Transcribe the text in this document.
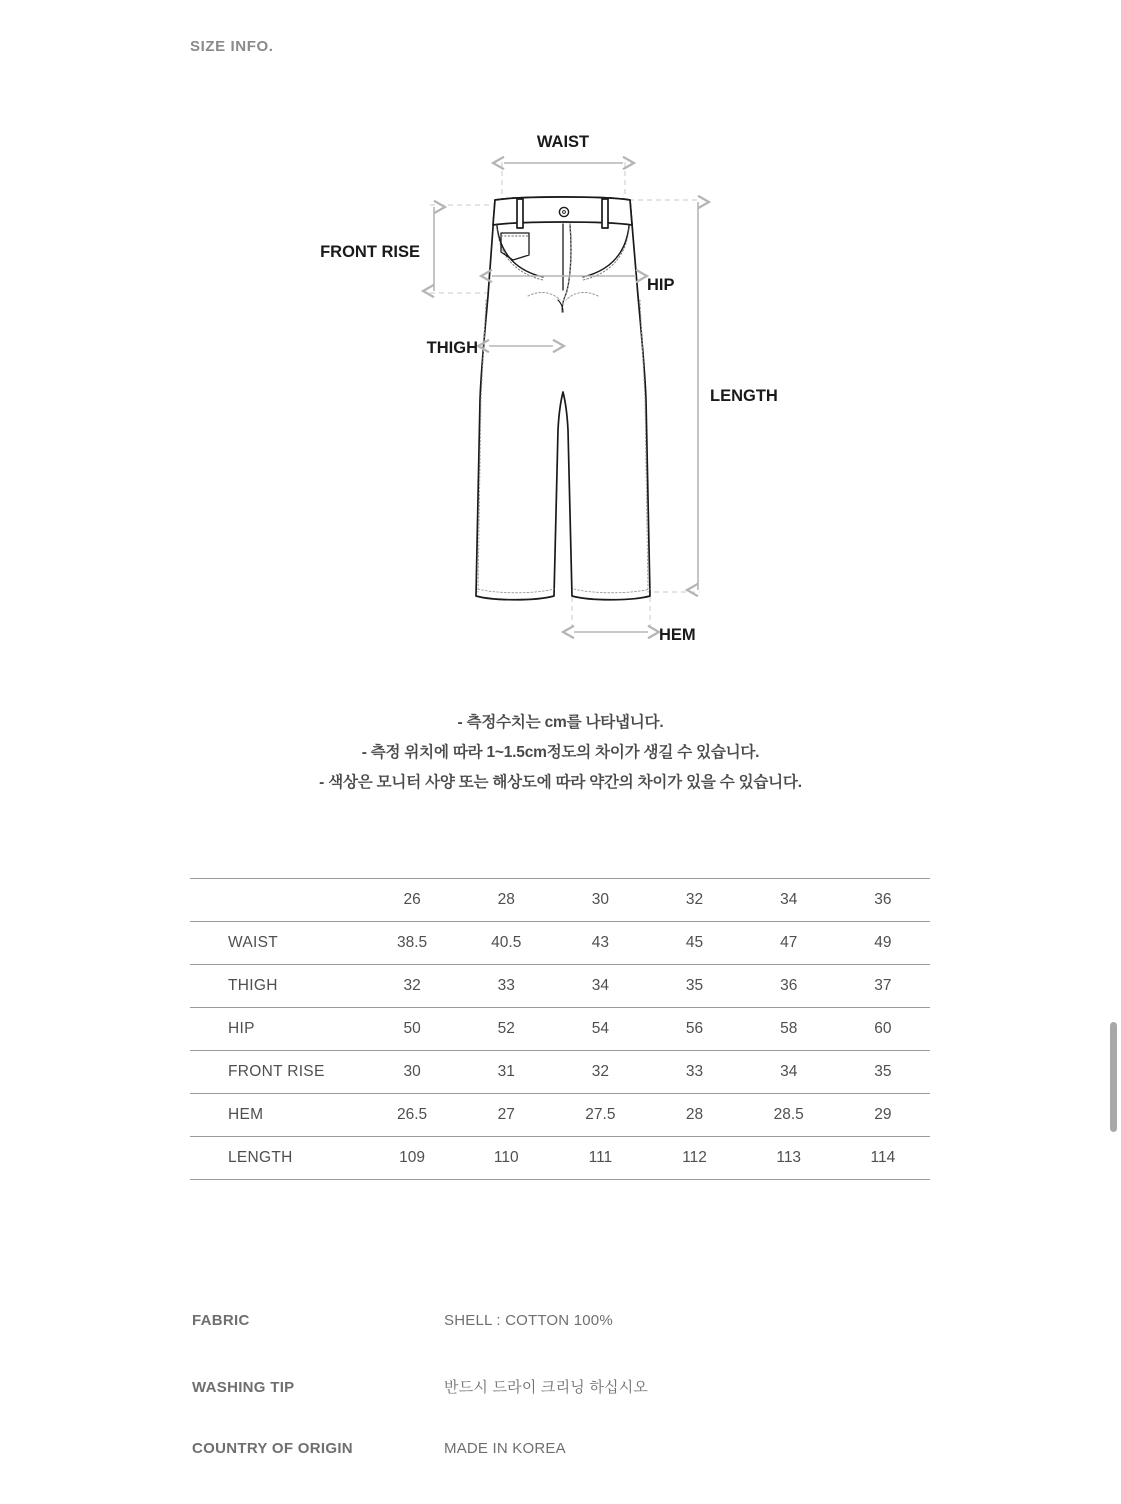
SIZE INFO.
WAIST
FRONT RISE
HIP
THIGH
LENGTH
HEM
- 측정수치는 cm를 나타냅니다.
- 측정 위치에 따라 1~1.5cm정도의 차이가 생길 수 있습니다.
- 색상은 모니터 사양 또는 해상도에 따라 약간의 차이가 있을 수 있습니다.
	26	28	30	32	34	36
WAIST	38.5	40.5	43	45	47	49
THIGH	32	33	34	35	36	37
HIP	50	52	54	56	58	60
FRONT RISE	30	31	32	33	34	35
HEM	26.5	27	27.5	28	28.5	29
LENGTH	109	110	111	112	113	114
FABRIC	SHELL : COTTON 100%
WASHING TIP	반드시 드라이 크리닝 하십시오
COUNTRY OF ORIGIN	MADE IN KOREA
